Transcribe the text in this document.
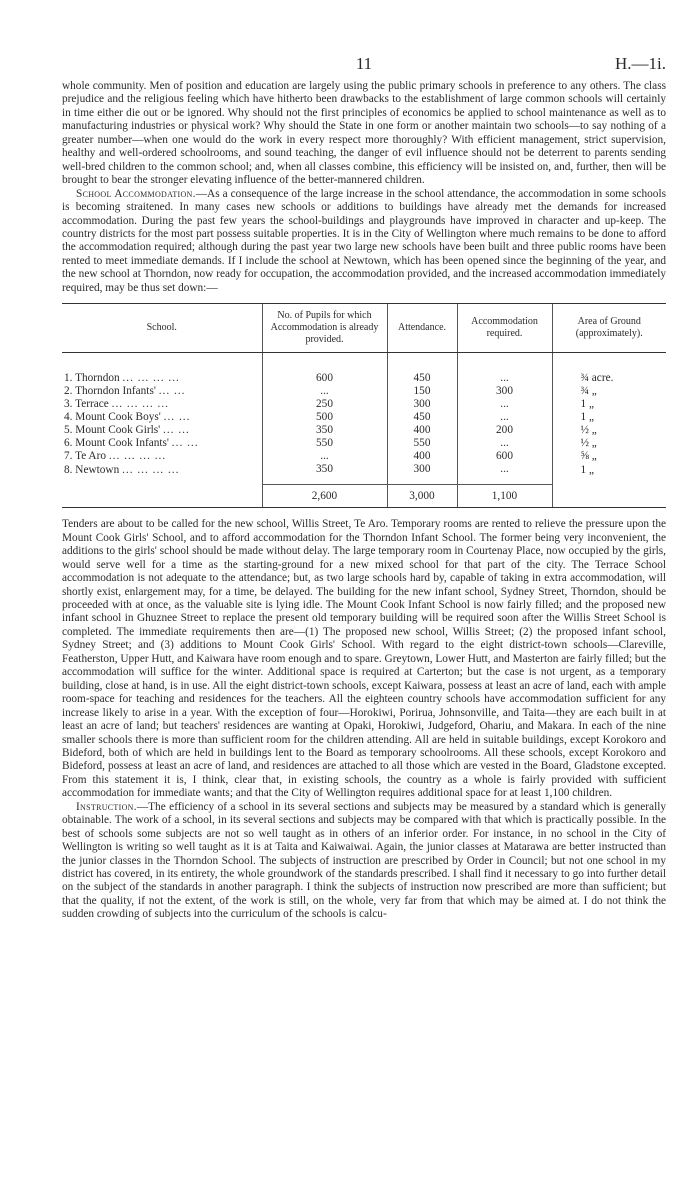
11	H.—1i.

whole community. Men of position and education are largely using the public primary schools in preference to any others. The class prejudice and the religious feeling which have hitherto been drawbacks to the establishment of large common schools will certainly in time either die out or be ignored. Why should not the first principles of economics be applied to school maintenance as well as to manufacturing industries or physical work? Why should the State in one form or another maintain two schools—to say nothing of a greater number—when one would do the work in every respect more thoroughly? With efficient management, strict supervision, healthy and well-ordered schoolrooms, and sound teaching, the danger of evil influence should not be deterrent to parents sending well-bred children to the common school; and, when all classes combine, this efficiency will be insisted on, and, further, then will be brought to bear the stronger elevating influence of the better-mannered children.

School Accommodation.—As a consequence of the large increase in the school attendance, the accommodation in some schools is becoming straitened. In many cases new schools or additions to buildings have already met the demands for increased accommodation. During the past few years the school-buildings and playgrounds have improved in character and up-keep. The country districts for the most part possess suitable properties. It is in the City of Wellington where much remains to be done to afford the accommodation required; although during the past year two large new schools have been built and three public rooms have been rented to meet immediate demands. If I include the school at Newtown, which has been opened since the beginning of the year, and the new school at Thorndon, now ready for occupation, the accommodation provided, and the increased accommodation immediately required, may be thus set down:—

School.	No. of Pupils for which Accommodation is already provided.	Attendance.	Accommodation required.	Area of Ground (approximately).

1. Thorndon ... ... ... ...	600	450	...	¾ acre.
2. Thorndon Infants' ... ...	...	150	300	¾ „
3. Terrace ... ... ... ...	250	300	...	1 „
4. Mount Cook Boys' ... ...	500	450	...	1 „
5. Mount Cook Girls' ... ...	350	400	200	½ „
6. Mount Cook Infants' ... ...	550	550	...	½ „
7. Te Aro ... ... ... ...	...	400	600	⅝ „
8. Newtown ... ... ... ...	350	300	...	1 „
	2,600	3,000	1,100	

Tenders are about to be called for the new school, Willis Street, Te Aro. Temporary rooms are rented to relieve the pressure upon the Mount Cook Girls' School, and to afford accommodation for the Thorndon Infant School. The former being very inconvenient, the additions to the girls' school should be made without delay. The large temporary room in Courtenay Place, now occupied by the girls, would serve well for a time as the starting-ground for a new mixed school for that part of the city. The Terrace School accommodation is not adequate to the attendance; but, as two large schools hard by, capable of taking in extra accommodation, will shortly exist, enlargement may, for a time, be delayed. The building for the new infant school, Sydney Street, Thorndon, should be proceeded with at once, as the valuable site is lying idle. The Mount Cook Infant School is now fairly filled; and the proposed new infant school in Ghuznee Street to replace the present old temporary building will be required soon after the Willis Street School is completed. The immediate requirements then are—(1) The proposed new school, Willis Street; (2) the proposed infant school, Sydney Street; and (3) additions to Mount Cook Girls' School. With regard to the eight district-town schools—Clareville, Featherston, Upper Hutt, and Kaiwara have room enough and to spare. Greytown, Lower Hutt, and Masterton are fairly filled; but the accommodation will suffice for the winter. Additional space is required at Carterton; but the case is not urgent, as a temporary building, close at hand, is in use. All the eight district-town schools, except Kaiwara, possess at least an acre of land, each with ample room-space for teaching and residences for the teachers. All the eighteen country schools have accommodation sufficient for any increase likely to arise in a year. With the exception of four—Horokiwi, Porirua, Johnsonville, and Taita—they are each built in at least an acre of land; but teachers' residences are wanting at Opaki, Horokiwi, Judgeford, Ohariu, and Makara. In each of the nine smaller schools there is more than sufficient room for the children attending. All are held in suitable buildings, except Korokoro and Bideford, both of which are held in buildings lent to the Board as temporary schoolrooms. All these schools, except Korokoro and Bideford, possess at least an acre of land, and residences are attached to all those which are vested in the Board, Gladstone excepted. From this statement it is, I think, clear that, in existing schools, the country as a whole is fairly provided with sufficient accommodation for immediate wants; and that the City of Wellington requires additional space for at least 1,100 children.

Instruction.—The efficiency of a school in its several sections and subjects may be measured by a standard which is generally obtainable. The work of a school, in its several sections and subjects may be compared with that which is practically possible. In the best of schools some subjects are not so well taught as in others of an inferior order. For instance, in no school in the City of Wellington is writing so well taught as it is at Taita and Kaiwaiwai. Again, the junior classes at Matarawa are better instructed than the junior classes in the Thorndon School. The subjects of instruction are prescribed by Order in Council; but not one school in my district has covered, in its entirety, the whole groundwork of the standards prescribed. I shall find it necessary to go into further detail on the subject of the standards in another paragraph. I think the subjects of instruction now prescribed are more than sufficient; but that the quality, if not the extent, of the work is still, on the whole, very far from that which may be aimed at. I do not think the sudden crowding of subjects into the curriculum of the schools is calcu-
